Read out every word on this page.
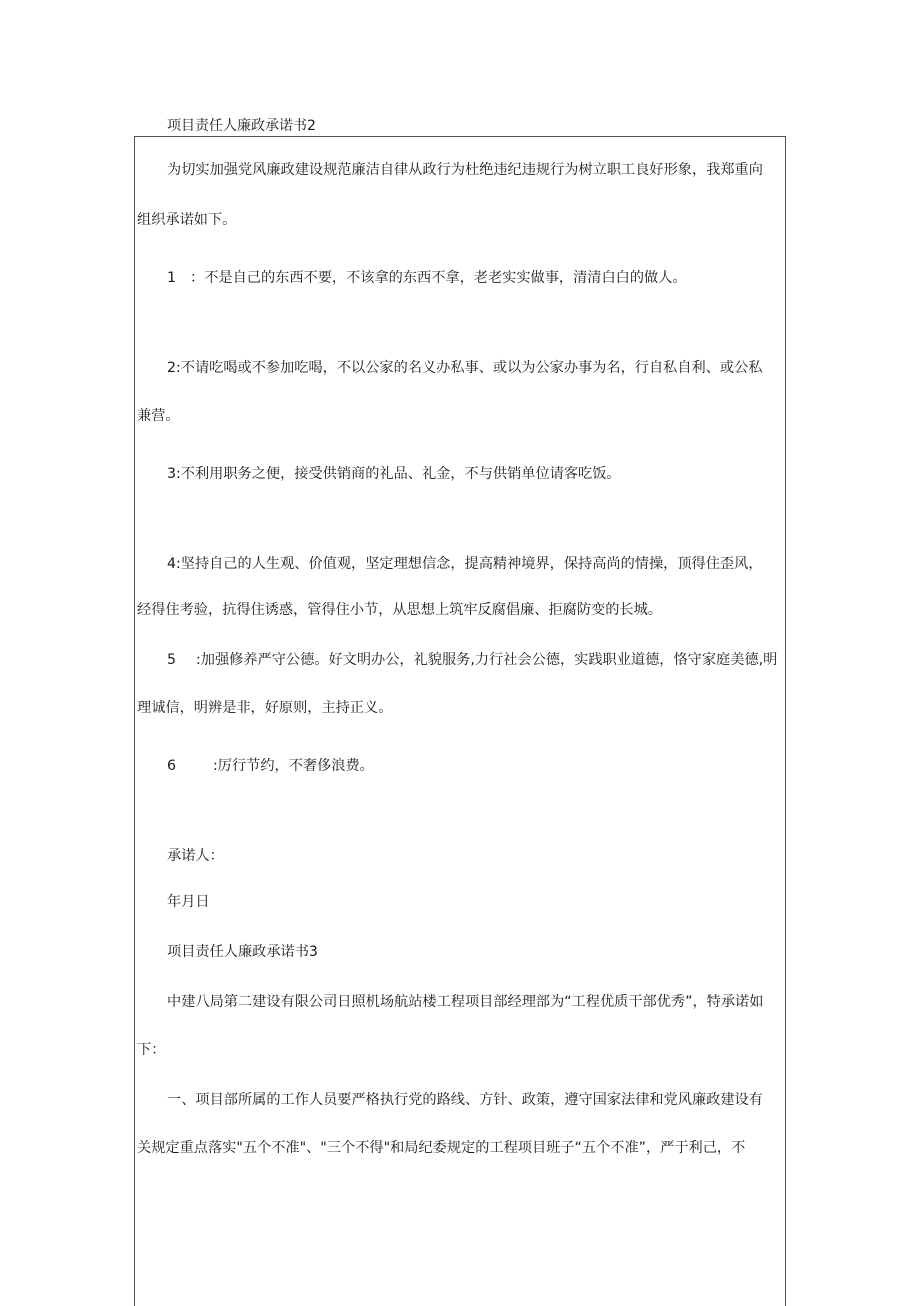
项目责任人廉政承诺书2
为切实加强党风廉政建设规范廉洁自律从政行为杜绝违纪违规行为树立职工良好形象，我郑重向
组织承诺如下。
1 ：不是自己的东西不要，不该拿的东西不拿，老老实实做事，清清白白的做人。
2:不请吃喝或不参加吃喝，不以公家的名义办私事、或以为公家办事为名，行自私自利、或公私
兼营。
3:不利用职务之便，接受供销商的礼品、礼金，不与供销单位请客吃饭。
4:坚持自己的人生观、价值观，坚定理想信念，提高精神境界，保持高尚的情操，顶得住歪风，
经得住考验，抗得住诱惑，管得住小节，从思想上筑牢反腐倡廉、拒腐防变的长城。
5 :加强修养严守公德。好文明办公，礼貌服务,力行社会公德，实践职业道德，恪守家庭美德,明
理诚信，明辨是非，好原则，主持正义。
6	:厉行节约，不奢侈浪费。
承诺人：
年月日
项目责任人廉政承诺书3
中建八局第二建设有限公司日照机场航站楼工程项目部经理部为“工程优质干部优秀”，特承诺如
下：
一、项目部所属的工作人员要严格执行党的路线、方针、政策，遵守国家法律和党风廉政建设有
关规定重点落实"五个不准"、"三个不得"和局纪委规定的工程项目班子“五个不准”，严于利己，不
